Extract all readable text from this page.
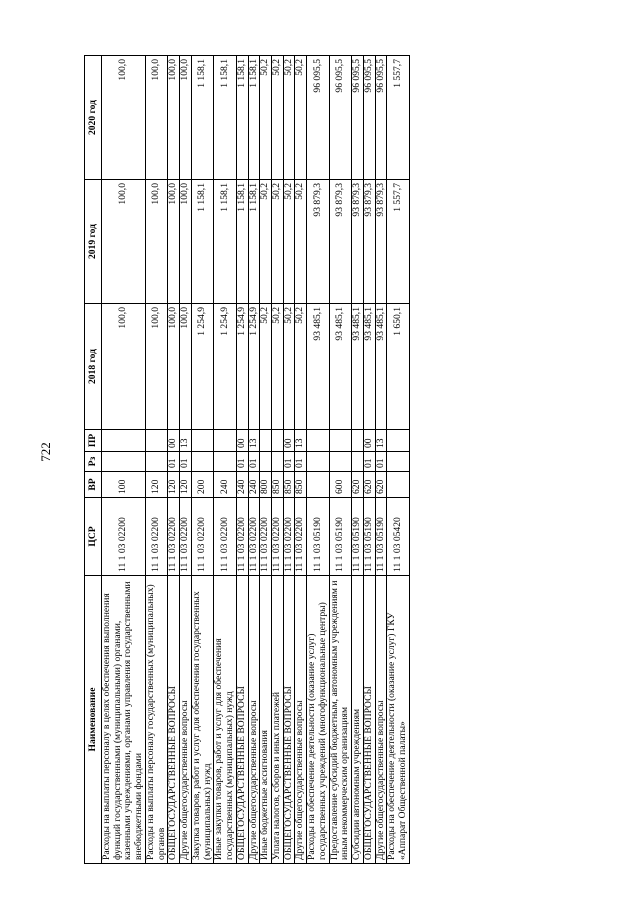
722
Наименование	ЦСР	ВР	Рз	ПР	2018 год	2019 год	2020 год
Расходы на выплаты персоналу в целях обеспечения выполнения функций государственными (муниципальными) органами, казенными учреждениями, органами управления государственными внебюджетными фондами	11 1 03 02200	100			100,0	100,0	100,0
Расходы на выплаты персоналу государственных (муниципальных) органов	11 1 03 02200	120			100,0	100,0	100,0
ОБЩЕГОСУДАРСТВЕННЫЕ ВОПРОСЫ	11 1 03 02200	120	01	00	100,0	100,0	100,0
Другие общегосударственные вопросы	11 1 03 02200	120	01	13	100,0	100,0	100,0
Закупка товаров, работ и услуг для обеспечения государственных (муниципальных) нужд	11 1 03 02200	200			1 254,9	1 158,1	1 158,1
Иные закупки товаров, работ и услуг для обеспечения государственных (муниципальных) нужд	11 1 03 02200	240			1 254,9	1 158,1	1 158,1
ОБЩЕГОСУДАРСТВЕННЫЕ ВОПРОСЫ	11 1 03 02200	240	01	00	1 254,9	1 158,1	1 158,1
Другие общегосударственные вопросы	11 1 03 02200	240	01	13	1 254,9	1 158,1	1 158,1
Иные бюджетные ассигнования	11 1 03 02200	800			50,2	50,2	50,2
Уплата налогов, сборов и иных платежей	11 1 03 02200	850			50,2	50,2	50,2
ОБЩЕГОСУДАРСТВЕННЫЕ ВОПРОСЫ	11 1 03 02200	850	01	00	50,2	50,2	50,2
Другие общегосударственные вопросы	11 1 03 02200	850	01	13	50,2	50,2	50,2
Расходы на обеспечение деятельности (оказание услуг) государственных учреждений (многофункциональные центры)	11 1 03 05190				93 485,1	93 879,3	96 095,5
Предоставление субсидий бюджетным, автономным учреждениям и иным некоммерческим организациям	11 1 03 05190	600			93 485,1	93 879,3	96 095,5
Субсидии автономным учреждениям	11 1 03 05190	620			93 485,1	93 879,3	96 095,5
ОБЩЕГОСУДАРСТВЕННЫЕ ВОПРОСЫ	11 1 03 05190	620	01	00	93 485,1	93 879,3	96 095,5
Другие общегосударственные вопросы	11 1 03 05190	620	01	13	93 485,1	93 879,3	96 095,5
Расходы на обеспечение деятельности (оказание услуг) ГКУ «Аппарат Общественной палаты»	11 1 03 05420				1 650,1	1 557,7	1 557,7
